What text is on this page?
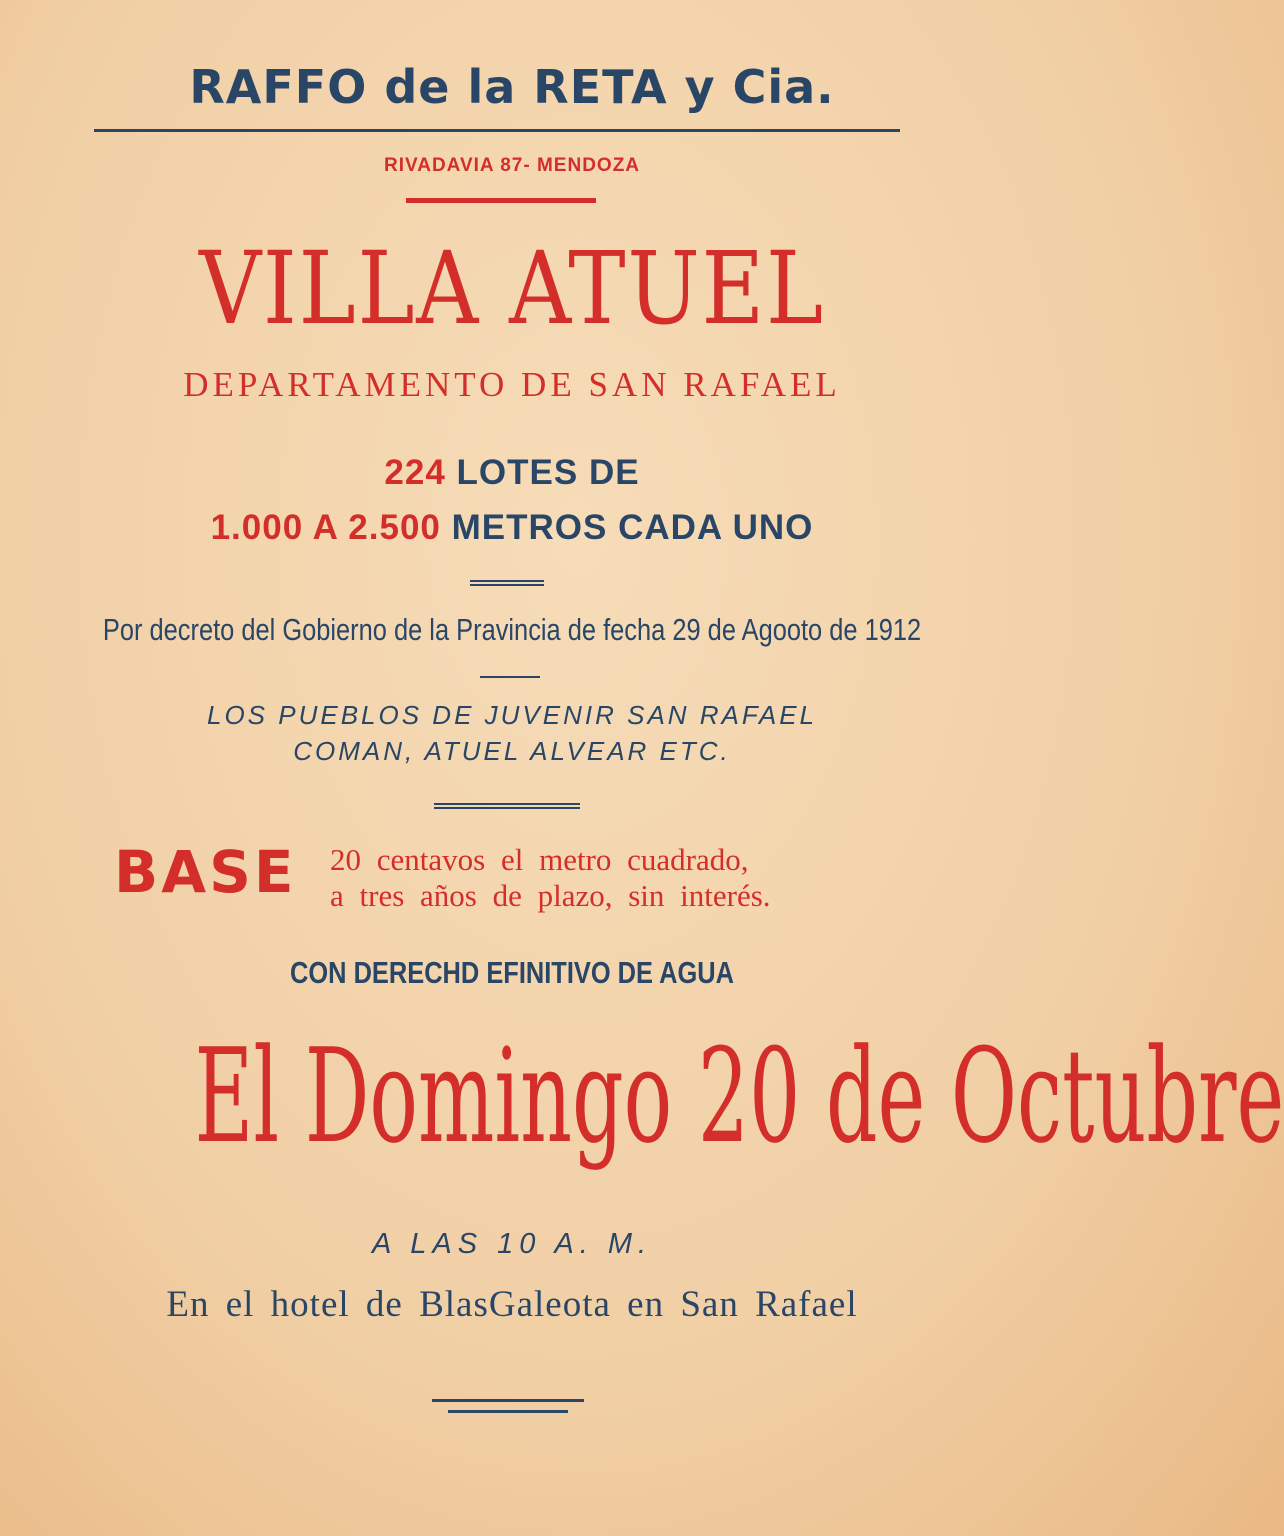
RAFFO de la RETA y Cia.
RIVADAVIA 87- MENDOZA
VILLA ATUEL
DEPARTAMENTO DE SAN RAFAEL
224 LOTES DE
1.000 A 2.500 METROS CADA UNO
Por decreto del Gobierno de la Pravincia de fecha 29 de Agooto de 1912
LOS PUEBLOS DE JUVENIR SAN RAFAEL
COMAN, ATUEL ALVEAR ETC.
BASE 20 centavos el metro cuadrado,
a tres años de plazo, sin interés.
CON DERECHD EFINITIVO DE AGUA
El Domingo 20 de Octubre
A LAS 10 A. M.
En el hotel de BlasGaleota en San Rafael
